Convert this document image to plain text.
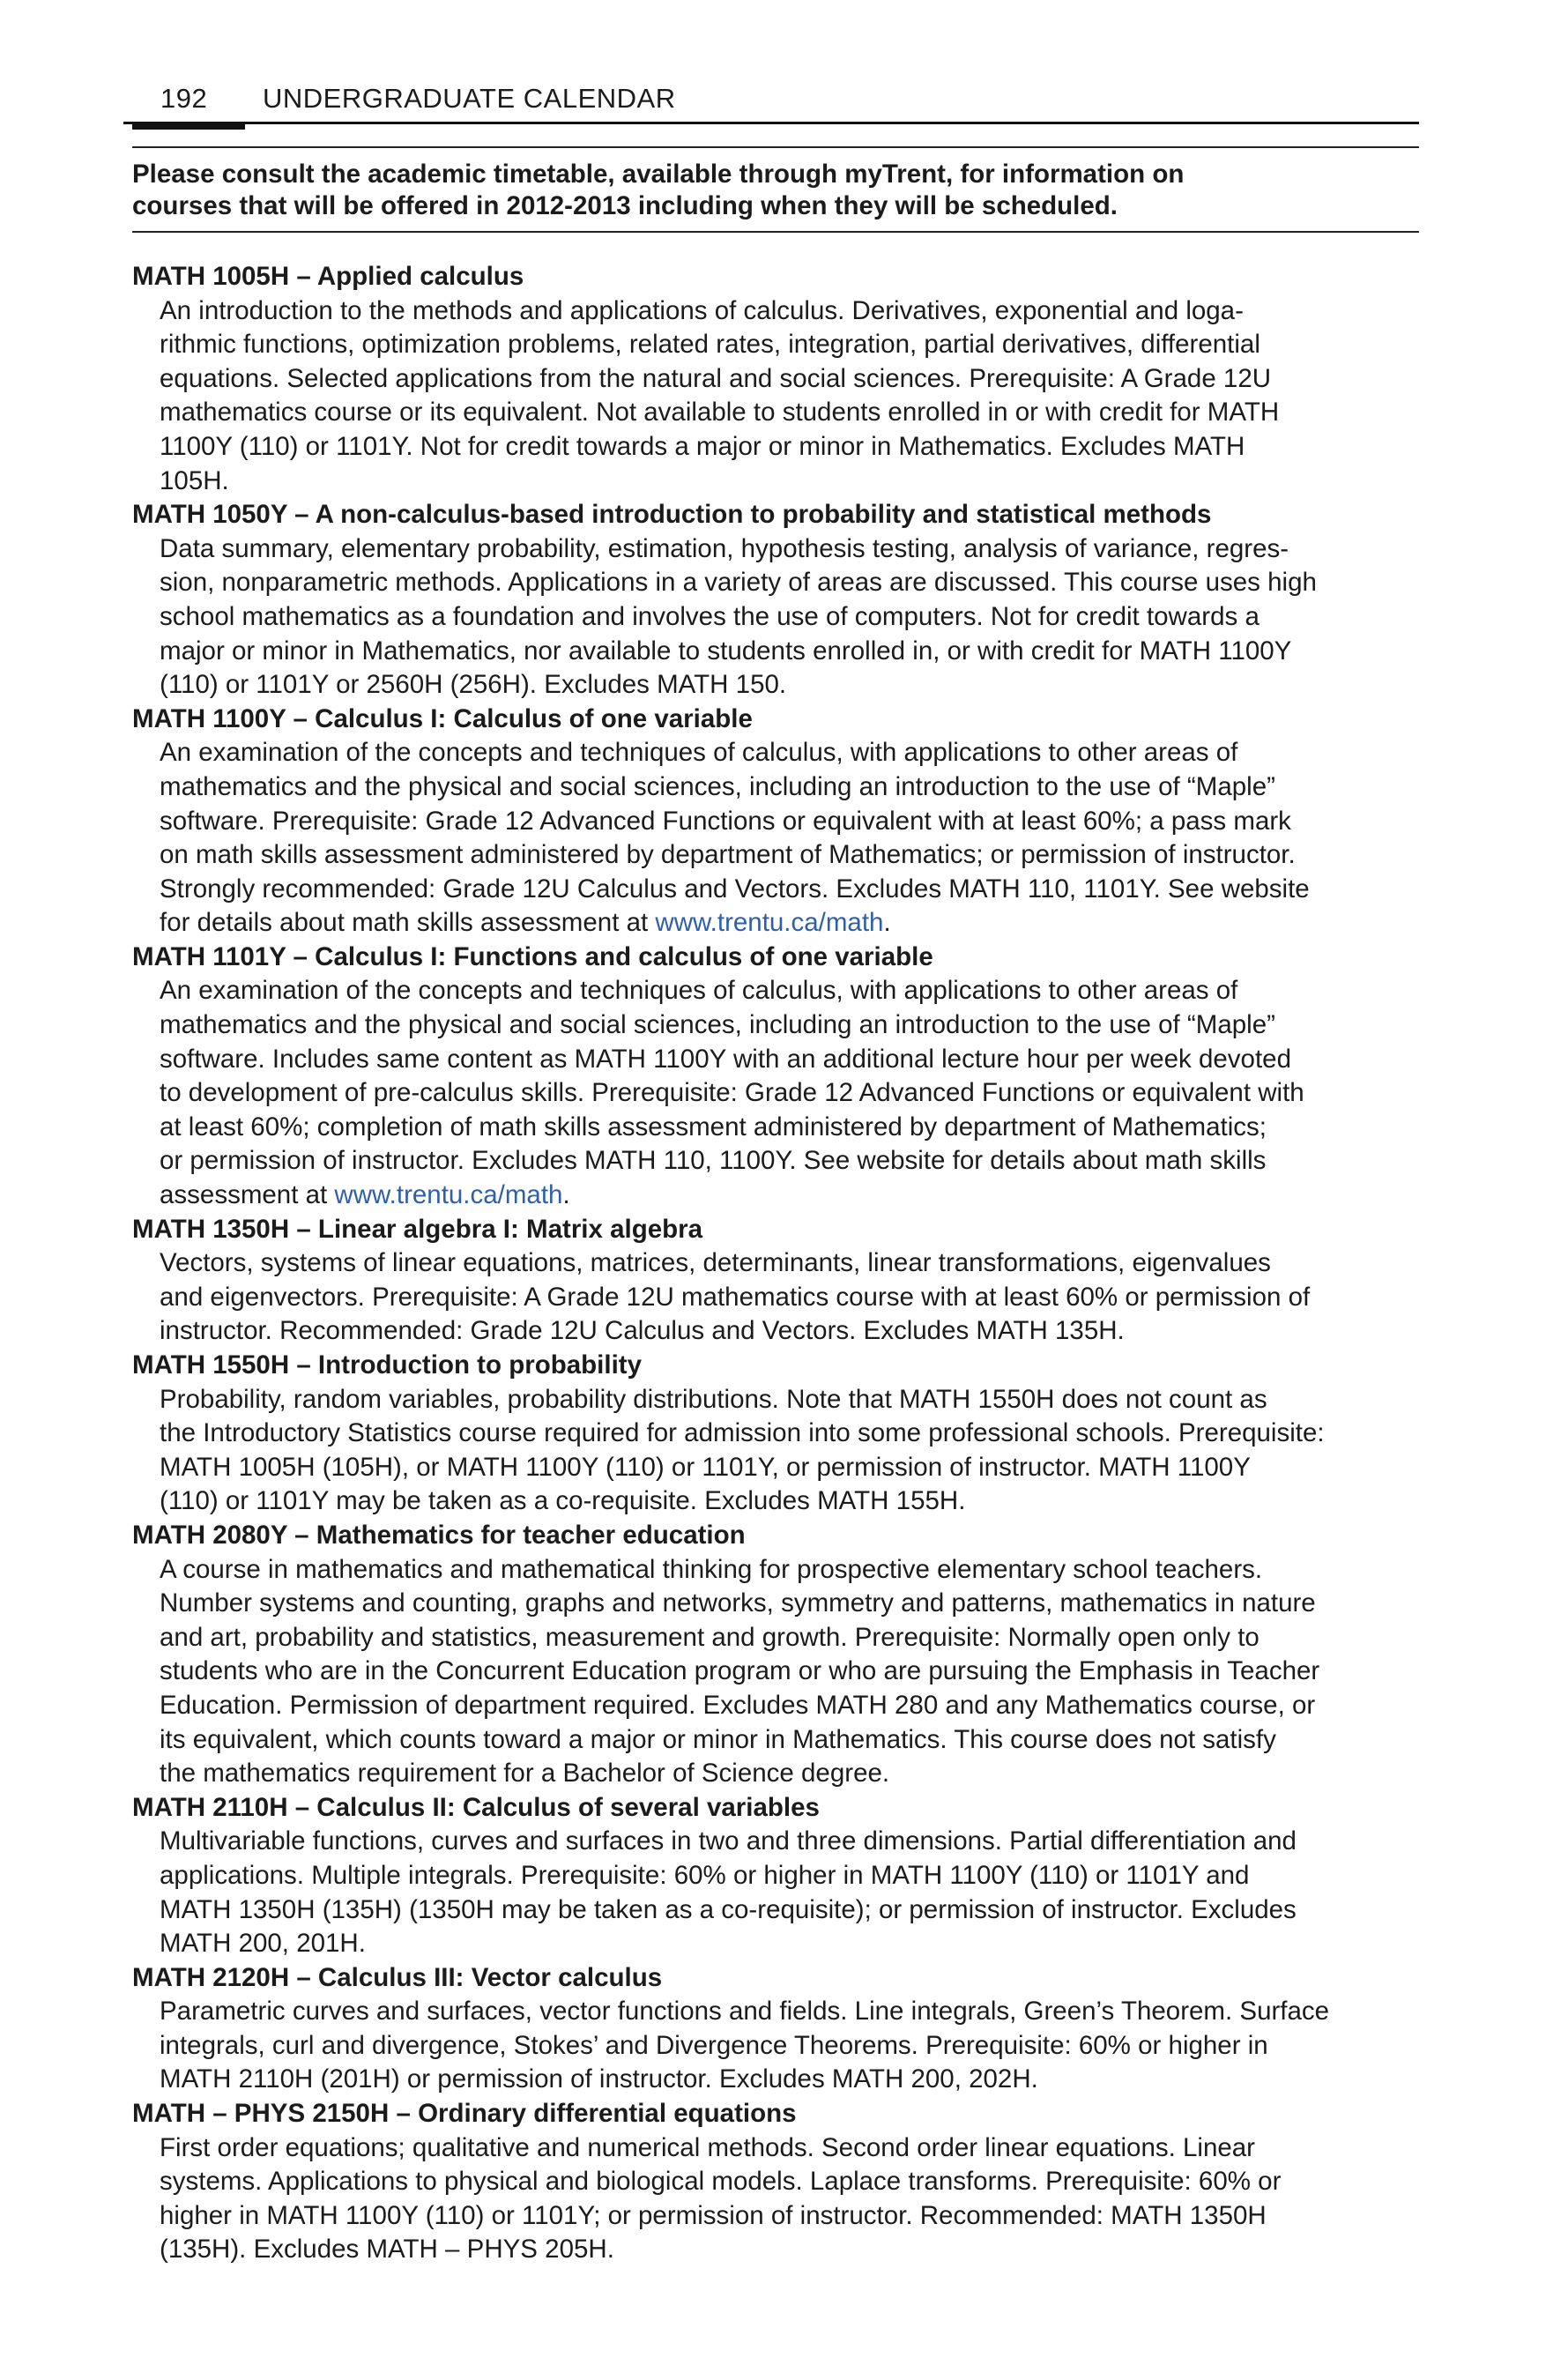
192 UNDERGRADUATE CALENDAR
Please consult the academic timetable, available through myTrent, for information on
courses that will be offered in 2012-2013 including when they will be scheduled.
MATH 1005H – Applied calculus
An introduction to the methods and applications of calculus. Derivatives, exponential and loga-
rithmic functions, optimization problems, related rates, integration, partial derivatives, differential
equations. Selected applications from the natural and social sciences. Prerequisite: A Grade 12U
mathematics course or its equivalent. Not available to students enrolled in or with credit for MATH
1100Y (110) or 1101Y. Not for credit towards a major or minor in Mathematics. Excludes MATH
105H.
MATH 1050Y – A non-calculus-based introduction to probability and statistical methods
Data summary, elementary probability, estimation, hypothesis testing, analysis of variance, regres-
sion, nonparametric methods. Applications in a variety of areas are discussed. This course uses high
school mathematics as a foundation and involves the use of computers. Not for credit towards a
major or minor in Mathematics, nor available to students enrolled in, or with credit for MATH 1100Y
(110) or 1101Y or 2560H (256H). Excludes MATH 150.
MATH 1100Y – Calculus I: Calculus of one variable
An examination of the concepts and techniques of calculus, with applications to other areas of
mathematics and the physical and social sciences, including an introduction to the use of “Maple”
software. Prerequisite: Grade 12 Advanced Functions or equivalent with at least 60%; a pass mark
on math skills assessment administered by department of Mathematics; or permission of instructor.
Strongly recommended: Grade 12U Calculus and Vectors. Excludes MATH 110, 1101Y. See website
for details about math skills assessment at www.trentu.ca/math.
MATH 1101Y – Calculus I: Functions and calculus of one variable
An examination of the concepts and techniques of calculus, with applications to other areas of
mathematics and the physical and social sciences, including an introduction to the use of “Maple”
software. Includes same content as MATH 1100Y with an additional lecture hour per week devoted
to development of pre-calculus skills. Prerequisite: Grade 12 Advanced Functions or equivalent with
at least 60%; completion of math skills assessment administered by department of Mathematics;
or permission of instructor. Excludes MATH 110, 1100Y. See website for details about math skills
assessment at www.trentu.ca/math.
MATH 1350H – Linear algebra I: Matrix algebra
Vectors, systems of linear equations, matrices, determinants, linear transformations, eigenvalues
and eigenvectors. Prerequisite: A Grade 12U mathematics course with at least 60% or permission of
instructor. Recommended: Grade 12U Calculus and Vectors. Excludes MATH 135H.
MATH 1550H – Introduction to probability
Probability, random variables, probability distributions. Note that MATH 1550H does not count as
the Introductory Statistics course required for admission into some professional schools. Prerequisite:
MATH 1005H (105H), or MATH 1100Y (110) or 1101Y, or permission of instructor. MATH 1100Y
(110) or 1101Y may be taken as a co-requisite. Excludes MATH 155H.
MATH 2080Y – Mathematics for teacher education
A course in mathematics and mathematical thinking for prospective elementary school teachers.
Number systems and counting, graphs and networks, symmetry and patterns, mathematics in nature
and art, probability and statistics, measurement and growth. Prerequisite: Normally open only to
students who are in the Concurrent Education program or who are pursuing the Emphasis in Teacher
Education. Permission of department required. Excludes MATH 280 and any Mathematics course, or
its equivalent, which counts toward a major or minor in Mathematics. This course does not satisfy
the mathematics requirement for a Bachelor of Science degree.
MATH 2110H – Calculus II: Calculus of several variables
Multivariable functions, curves and surfaces in two and three dimensions. Partial differentiation and
applications. Multiple integrals. Prerequisite: 60% or higher in MATH 1100Y (110) or 1101Y and
MATH 1350H (135H) (1350H may be taken as a co-requisite); or permission of instructor. Excludes
MATH 200, 201H.
MATH 2120H – Calculus III: Vector calculus
Parametric curves and surfaces, vector functions and fields. Line integrals, Green’s Theorem. Surface
integrals, curl and divergence, Stokes’ and Divergence Theorems. Prerequisite: 60% or higher in
MATH 2110H (201H) or permission of instructor. Excludes MATH 200, 202H.
MATH – PHYS 2150H – Ordinary differential equations
First order equations; qualitative and numerical methods. Second order linear equations. Linear
systems. Applications to physical and biological models. Laplace transforms. Prerequisite: 60% or
higher in MATH 1100Y (110) or 1101Y; or permission of instructor. Recommended: MATH 1350H
(135H). Excludes MATH – PHYS 205H.
